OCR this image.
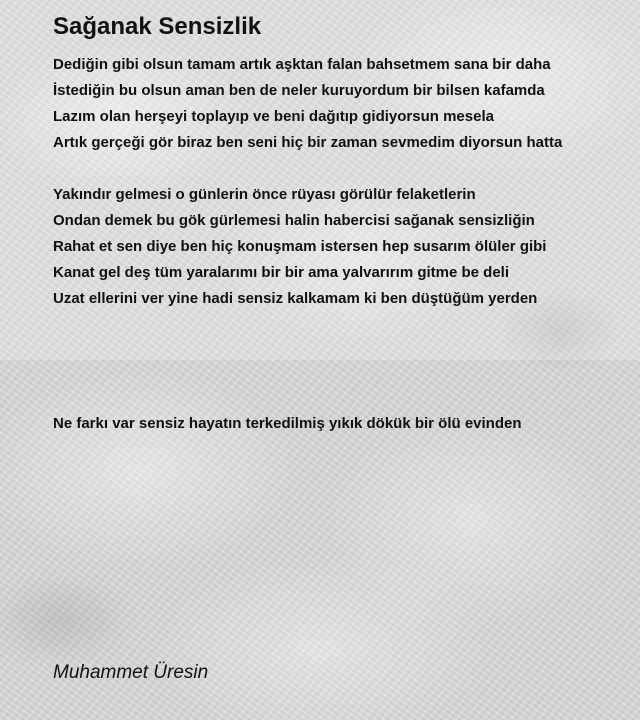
Sağanak Sensizlik
Dediğin gibi olsun tamam artık aşktan falan bahsetmem sana bir daha
İstediğin bu olsun aman ben de neler kuruyordum bir bilsen kafamda
Lazım olan herşeyi toplayıp ve beni dağıtıp gidiyorsun mesela
Artık gerçeği gör biraz ben seni hiç bir zaman sevmedim diyorsun hatta
Yakındır gelmesi o günlerin önce rüyası görülür felaketlerin
Ondan demek bu gök gürlemesi halin habercisi sağanak sensizliğin
Rahat et sen diye ben hiç konuşmam istersen hep susarım ölüler gibi
Kanat gel deş tüm yaralarımı bir bir ama yalvarırım gitme be deli
Uzat ellerini ver yine hadi sensiz kalkamam ki ben düştüğüm yerden
Ne farkı var sensiz hayatın terkedilmiş yıkık dökük bir ölü evinden
Muhammet Üresin
